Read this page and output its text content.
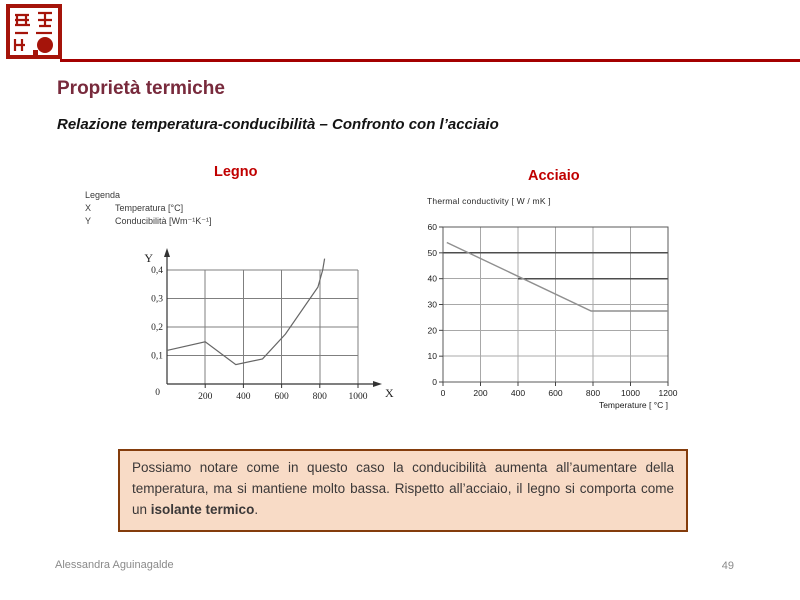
Proprietà termiche
Relazione temperatura-conducibilità – Confronto con l’acciaio
Legno	Acciaio
Legenda
X	Temperatura [°C]
Y	Conducibilità [Wm⁻¹K⁻¹]
Thermal conductivity [ W / mK ]
200	400	600	800 1000
0,1
0,2
0,3
0,4
0
Y
X	0	200	400	600	800 1000 1200
0
10
20
30
40
50
60
Temperature [ °C ]
Possiamo notare come in questo caso la conducibilità aumenta all’aumentare della temperatura, ma si mantiene molto bassa. Rispetto all’acciaio, il legno si comporta come un isolante termico.
Alessandra Aguinagalde	49
